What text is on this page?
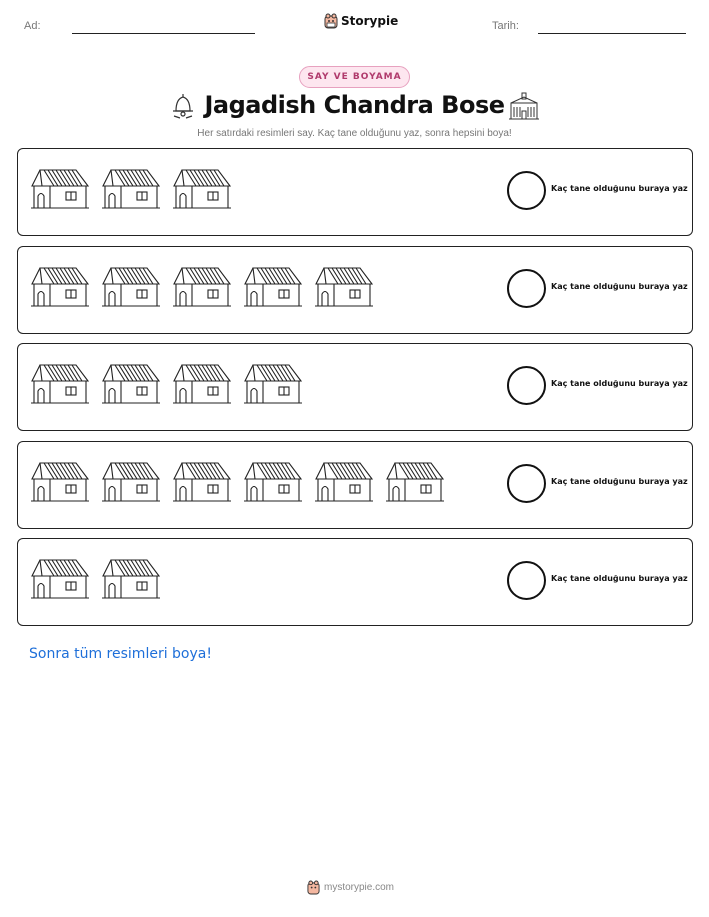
Ad:	Storypie	Tarih:
SAY VE BOYAMA
Jagadish Chandra Bose
Her satırdaki resimleri say. Kaç tane olduğunu yaz, sonra hepsini boya!
Kaç tane olduğunu buraya yaz
Kaç tane olduğunu buraya yaz
Kaç tane olduğunu buraya yaz
Kaç tane olduğunu buraya yaz
Kaç tane olduğunu buraya yaz
Sonra tüm resimleri boya!
mystorypie.com
